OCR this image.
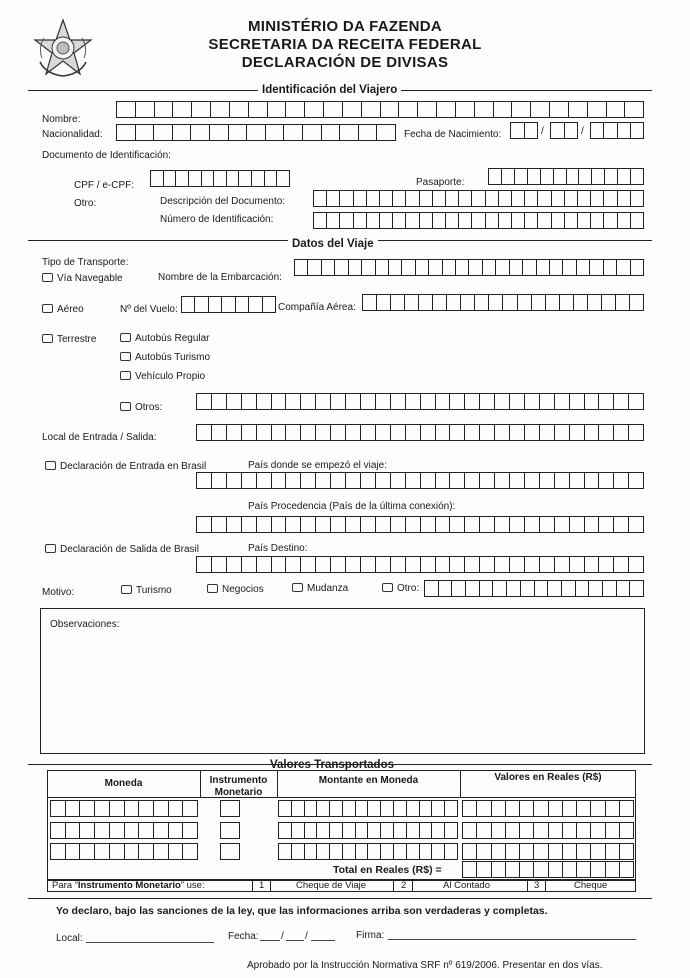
MINISTÉRIO DA FAZENDA
SECRETARIA DA RECEITA FEDERAL
DECLARACIÓN DE DIVISAS
Identificación del Viajero
Nombre:
Nacionalidad:	Fecha de Nacimiento:	/	/
Documento de Identificación:
CPF / e-CPF:	Pasaporte:
Otro:	Descripción del Documento:
Número de Identificación:
Datos del Viaje
Tipo de Transporte:
Vía Navegable	Nombre de la Embarcación:
Aéreo	Nº del Vuelo:	Compañía Aérea:
Terrestre	Autobús Regular
Autobús Turismo
Vehículo Propio
Otros:
Local de Entrada / Salida:
Declaración de Entrada en Brasil	País donde se empezó el viaje:
País Procedencia (País de la última conexión):
Declaración de Salida de Brasil	País Destino:
Motivo:	Turismo	Negocios	Mudanza	Otro:
Observaciones:
Valores Transportados
Moneda	Instrumento
Monetario
Montante en Moneda	Valores en Reales (R$)
Total en Reales (R$) =
Para “Instrumento Monetario” use:	1	Cheque de Viaje	2	Al Contado	3	Cheque
Yo declaro, bajo las sanciones de la ley, que las informaciones arriba son verdaderas y completas.
Local:	Fecha: / /	Firma:
Aprobado por la Instrucción Normativa SRF nº 619/2006. Presentar en dos vías.
